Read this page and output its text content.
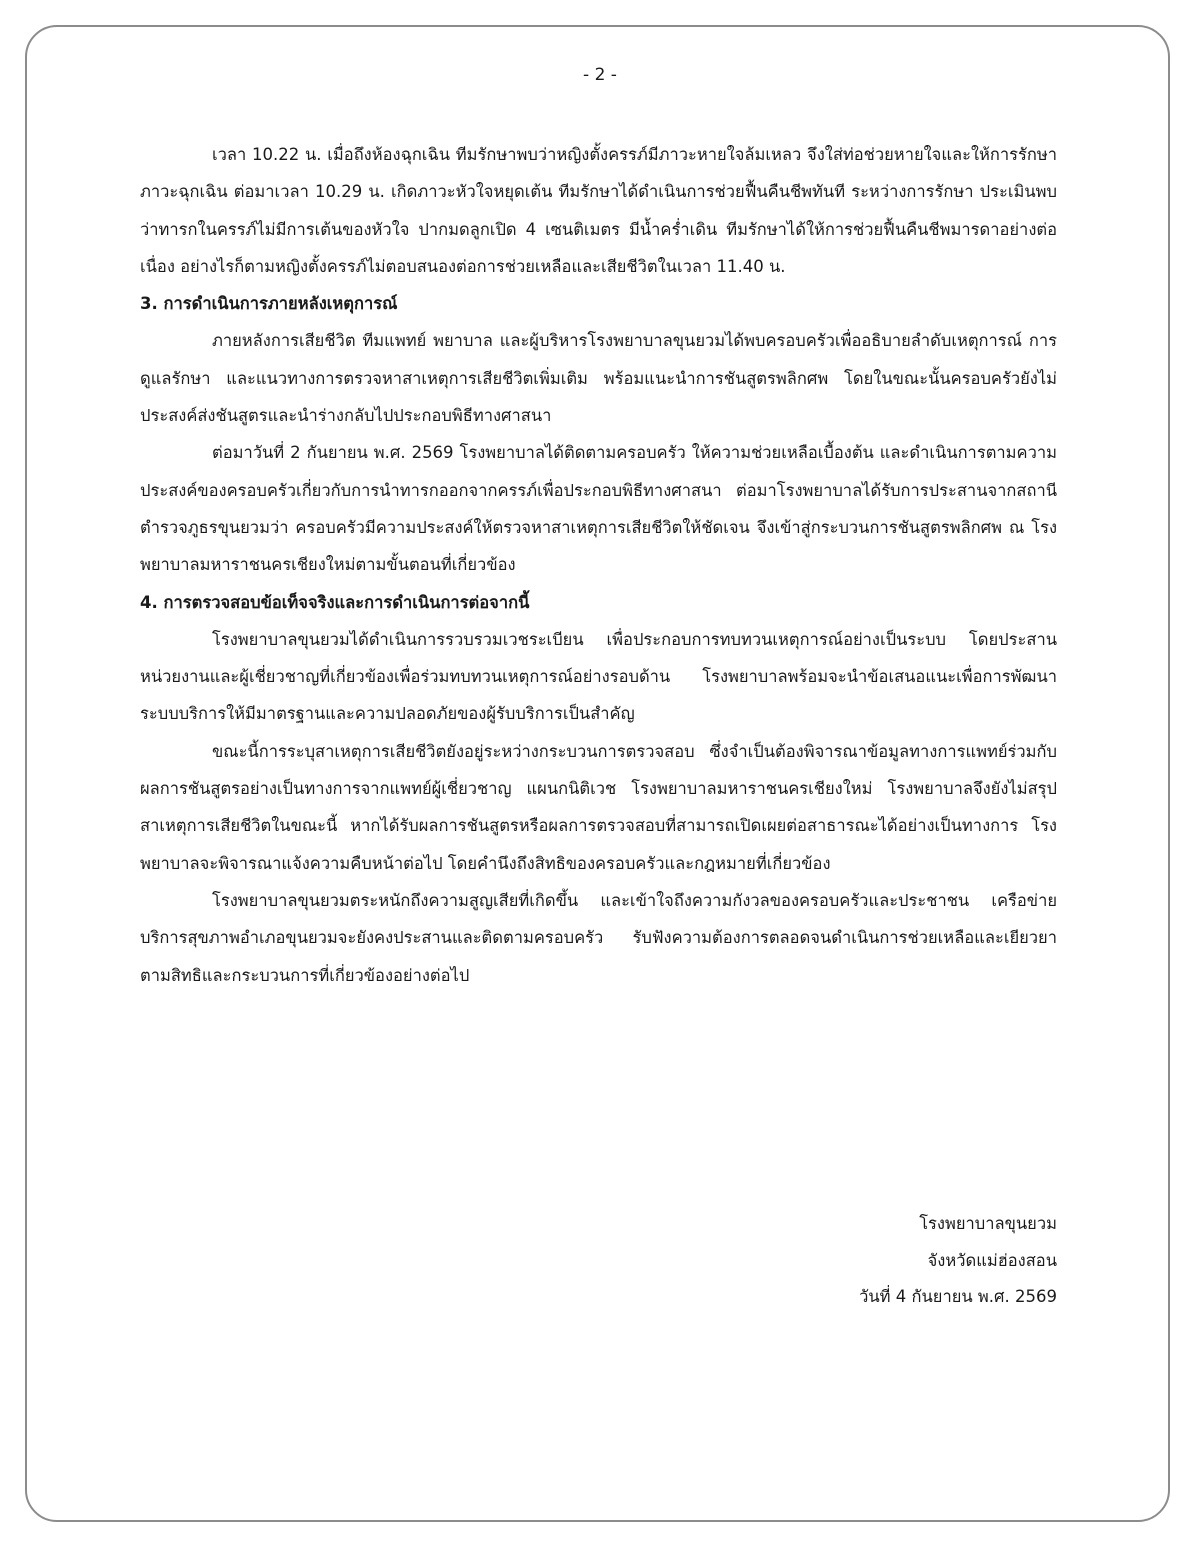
- 2 -

เวลา 10.22 น. เมื่อถึงห้องฉุกเฉิน ทีมรักษาพบว่าหญิงตั้งครรภ์มีภาวะหายใจล้มเหลว จึงใส่ท่อช่วยหายใจและให้การรักษาภาวะฉุกเฉิน ต่อมาเวลา 10.29 น. เกิดภาวะหัวใจหยุดเต้น ทีมรักษาได้ดำเนินการช่วยฟื้นคืนชีพทันที ระหว่างการรักษา ประเมินพบว่าทารกในครรภ์ไม่มีการเต้นของหัวใจ ปากมดลูกเปิด 4 เซนติเมตร มีน้ำคร่ำเดิน ทีมรักษาได้ให้การช่วยฟื้นคืนชีพมารดาอย่างต่อเนื่อง อย่างไรก็ตามหญิงตั้งครรภ์ไม่ตอบสนองต่อการช่วยเหลือและเสียชีวิตในเวลา 11.40 น.

3. การดำเนินการภายหลังเหตุการณ์

ภายหลังการเสียชีวิต ทีมแพทย์ พยาบาล และผู้บริหารโรงพยาบาลขุนยวมได้พบครอบครัวเพื่ออธิบายลำดับเหตุการณ์ การดูแลรักษา และแนวทางการตรวจหาสาเหตุการเสียชีวิตเพิ่มเติม พร้อมแนะนำการชันสูตรพลิกศพ โดยในขณะนั้นครอบครัวยังไม่ประสงค์ส่งชันสูตรและนำร่างกลับไปประกอบพิธีทางศาสนา

ต่อมาวันที่ 2 กันยายน พ.ศ. 2569 โรงพยาบาลได้ติดตามครอบครัว ให้ความช่วยเหลือเบื้องต้น และดำเนินการตามความประสงค์ของครอบครัวเกี่ยวกับการนำทารกออกจากครรภ์เพื่อประกอบพิธีทางศาสนา ต่อมาโรงพยาบาลได้รับการประสานจากสถานีตำรวจภูธรขุนยวมว่า ครอบครัวมีความประสงค์ให้ตรวจหาสาเหตุการเสียชีวิตให้ชัดเจน จึงเข้าสู่กระบวนการชันสูตรพลิกศพ ณ โรงพยาบาลมหาราชนครเชียงใหม่ตามขั้นตอนที่เกี่ยวข้อง

4. การตรวจสอบข้อเท็จจริงและการดำเนินการต่อจากนี้

โรงพยาบาลขุนยวมได้ดำเนินการรวบรวมเวชระเบียน เพื่อประกอบการทบทวนเหตุการณ์อย่างเป็นระบบ โดยประสานหน่วยงานและผู้เชี่ยวชาญที่เกี่ยวข้องเพื่อร่วมทบทวนเหตุการณ์อย่างรอบด้าน โรงพยาบาลพร้อมจะนำข้อเสนอแนะเพื่อการพัฒนาระบบบริการให้มีมาตรฐานและความปลอดภัยของผู้รับบริการเป็นสำคัญ

ขณะนี้การระบุสาเหตุการเสียชีวิตยังอยู่ระหว่างกระบวนการตรวจสอบ ซึ่งจำเป็นต้องพิจารณาข้อมูลทางการแพทย์ร่วมกับผลการชันสูตรอย่างเป็นทางการจากแพทย์ผู้เชี่ยวชาญ แผนกนิติเวช โรงพยาบาลมหาราชนครเชียงใหม่ โรงพยาบาลจึงยังไม่สรุปสาเหตุการเสียชีวิตในขณะนี้ หากได้รับผลการชันสูตรหรือผลการตรวจสอบที่สามารถเปิดเผยต่อสาธารณะได้อย่างเป็นทางการ โรงพยาบาลจะพิจารณาแจ้งความคืบหน้าต่อไป โดยคำนึงถึงสิทธิของครอบครัวและกฎหมายที่เกี่ยวข้อง

โรงพยาบาลขุนยวมตระหนักถึงความสูญเสียที่เกิดขึ้น และเข้าใจถึงความกังวลของครอบครัวและประชาชน เครือข่ายบริการสุขภาพอำเภอขุนยวมจะยังคงประสานและติดตามครอบครัว รับฟังความต้องการตลอดจนดำเนินการช่วยเหลือและเยียวยาตามสิทธิและกระบวนการที่เกี่ยวข้องอย่างต่อไป

โรงพยาบาลขุนยวม
จังหวัดแม่ฮ่องสอน
วันที่ 4 กันยายน พ.ศ. 2569
